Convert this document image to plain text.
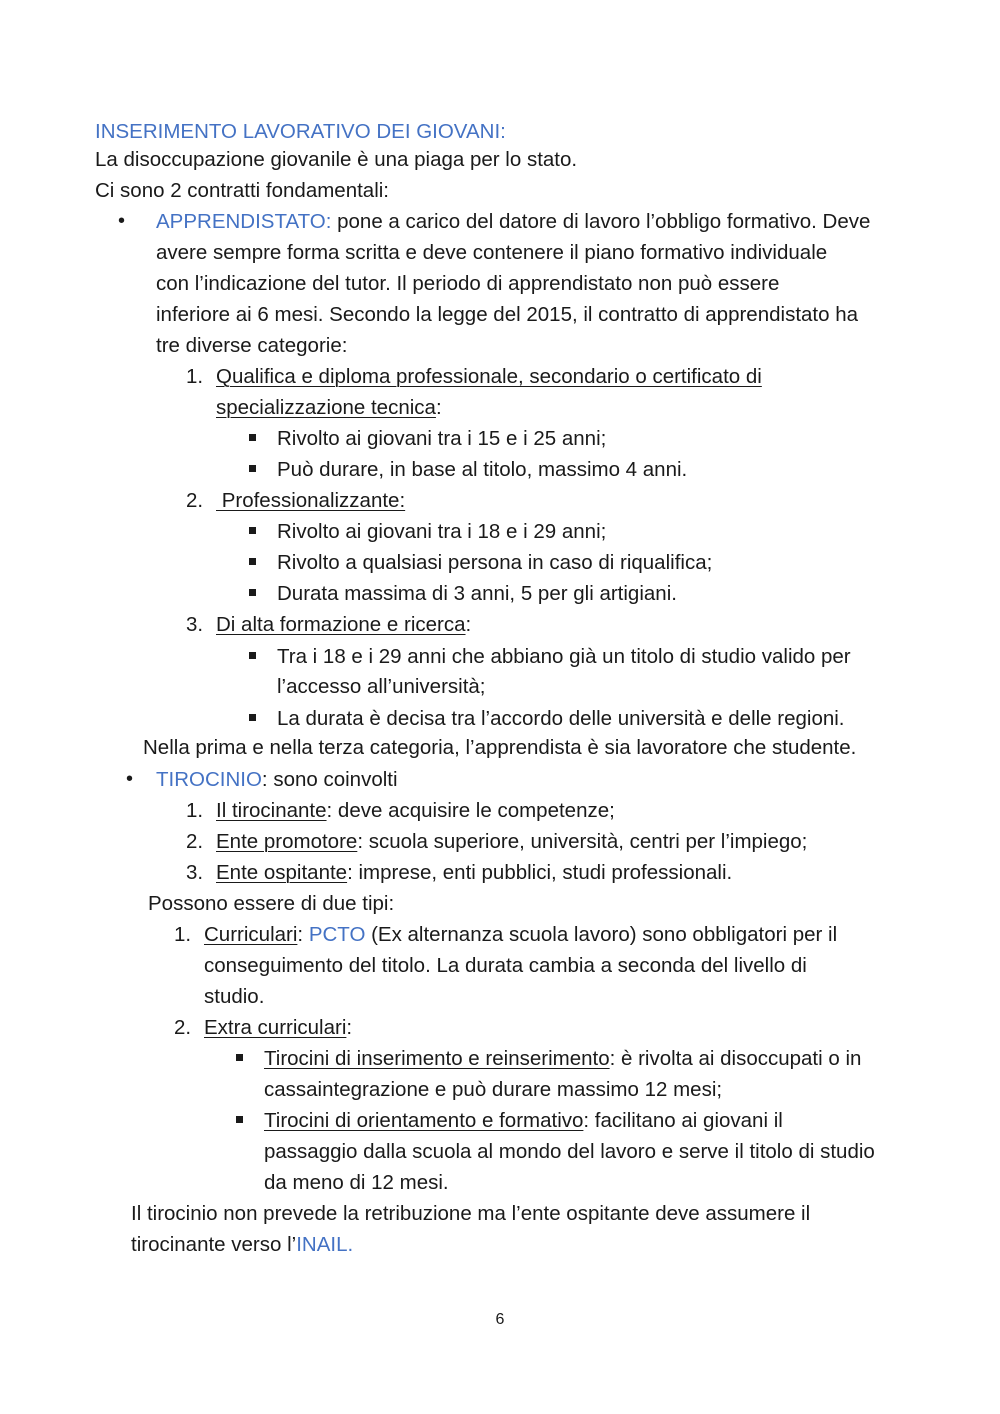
INSERIMENTO LAVORATIVO DEI GIOVANI:
La disoccupazione giovanile è una piaga per lo stato.
Ci sono 2 contratti fondamentali:
• APPRENDISTATO: pone a carico del datore di lavoro l’obbligo formativo. Deve
avere sempre forma scritta e deve contenere il piano formativo individuale
con l’indicazione del tutor. Il periodo di apprendistato non può essere
inferiore ai 6 mesi. Secondo la legge del 2015, il contratto di apprendistato ha
tre diverse categorie:
1. Qualifica e diploma professionale, secondario o certificato di
specializzazione tecnica:
Rivolto ai giovani tra i 15 e i 25 anni;
Può durare, in base al titolo, massimo 4 anni.
2. Professionalizzante:
Rivolto ai giovani tra i 18 e i 29 anni;
Rivolto a qualsiasi persona in caso di riqualifica;
Durata massima di 3 anni, 5 per gli artigiani.
3. Di alta formazione e ricerca:
Tra i 18 e i 29 anni che abbiano già un titolo di studio valido per
l’accesso all’università;
La durata è decisa tra l’accordo delle università e delle regioni.
Nella prima e nella terza categoria, l’apprendista è sia lavoratore che studente.
• TIROCINIO: sono coinvolti
1. Il tirocinante: deve acquisire le competenze;
2. Ente promotore: scuola superiore, università, centri per l’impiego;
3. Ente ospitante: imprese, enti pubblici, studi professionali.
Possono essere di due tipi:
1. Curriculari: PCTO (Ex alternanza scuola lavoro) sono obbligatori per il
conseguimento del titolo. La durata cambia a seconda del livello di
studio.
2. Extra curriculari:
Tirocini di inserimento e reinserimento: è rivolta ai disoccupati o in
cassaintegrazione e può durare massimo 12 mesi;
Tirocini di orientamento e formativo: facilitano ai giovani il
passaggio dalla scuola al mondo del lavoro e serve il titolo di studio
da meno di 12 mesi.
Il tirocinio non prevede la retribuzione ma l’ente ospitante deve assumere il
tirocinante verso l’INAIL.
6
